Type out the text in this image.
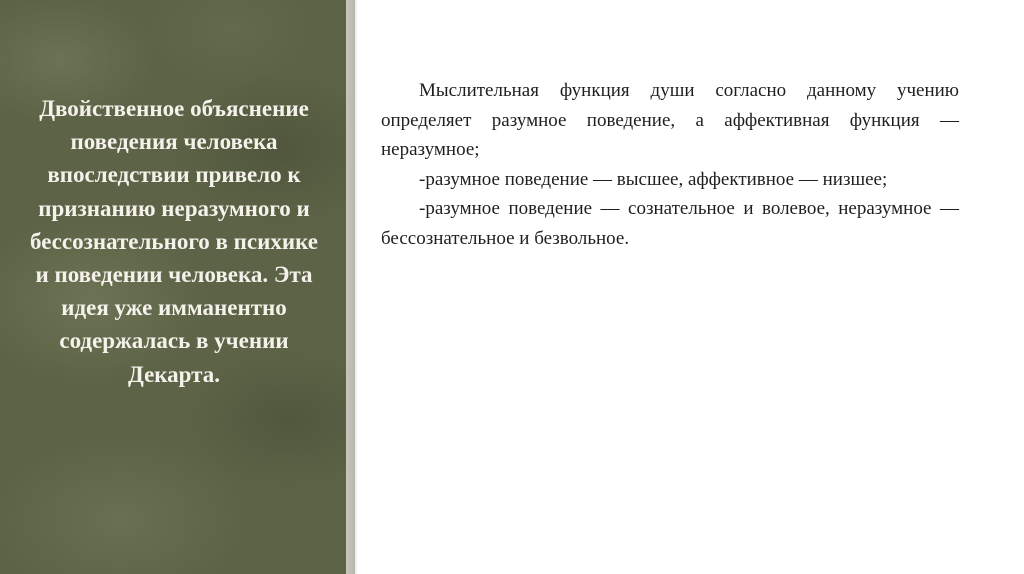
Двойственное объяснение поведения человека впоследствии привело к признанию неразумного и бессознательного в психике и поведении человека. Эта идея уже имманентно содержалась в учении Декарта.

Мыслительная функция души согласно данному учению определяет разумное поведение, а аффективная функция — неразумное;

-разумное поведение — высшее, аффективное — низшее;

-разумное поведение — сознательное и волевое, неразумное — бессознательное и безвольное.
